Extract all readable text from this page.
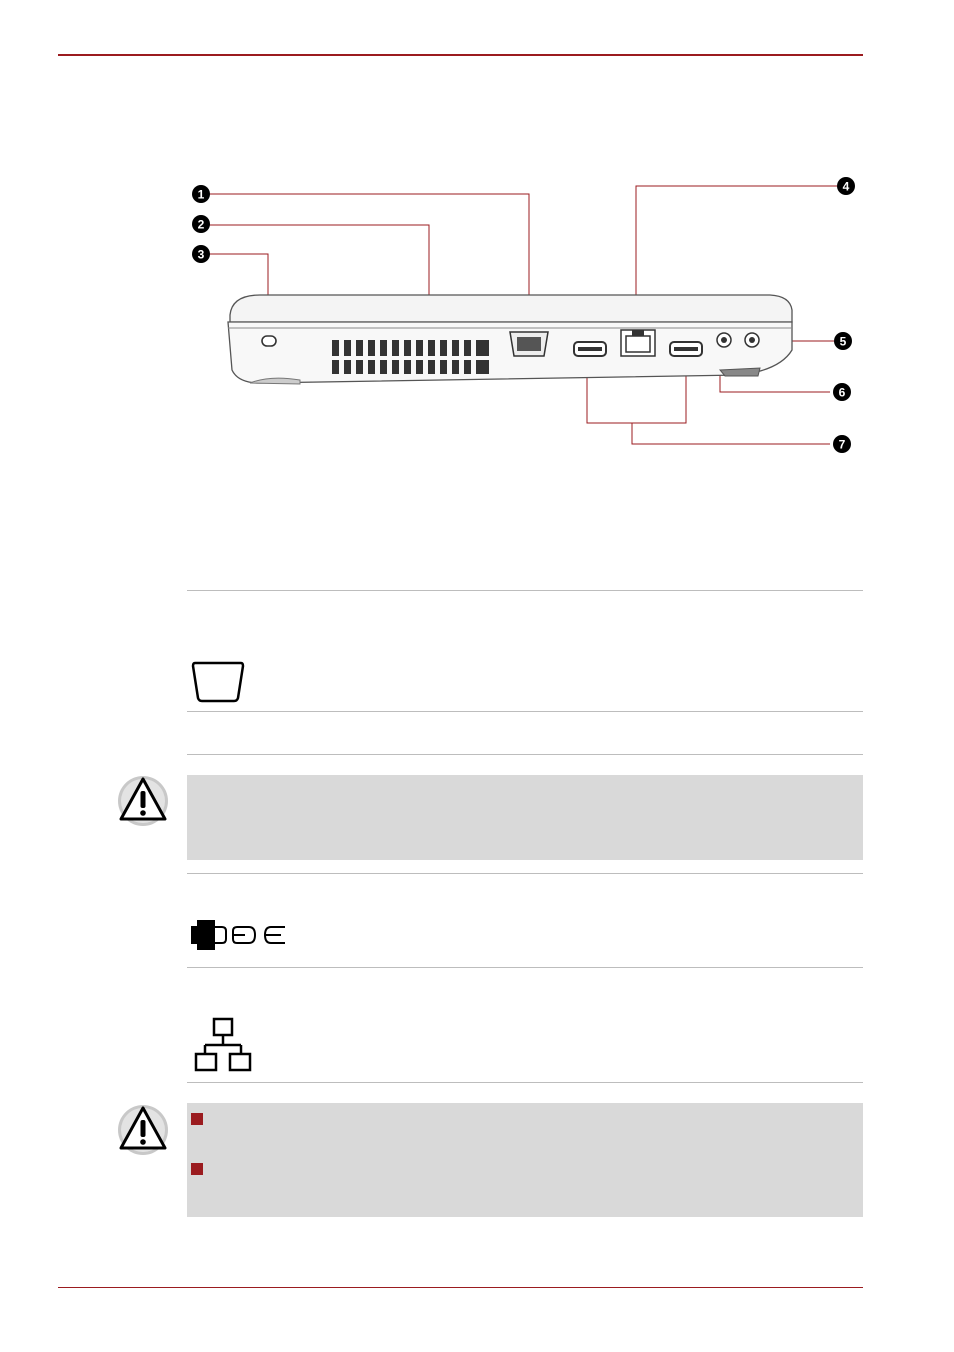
1
2
3
4
5
6
7
